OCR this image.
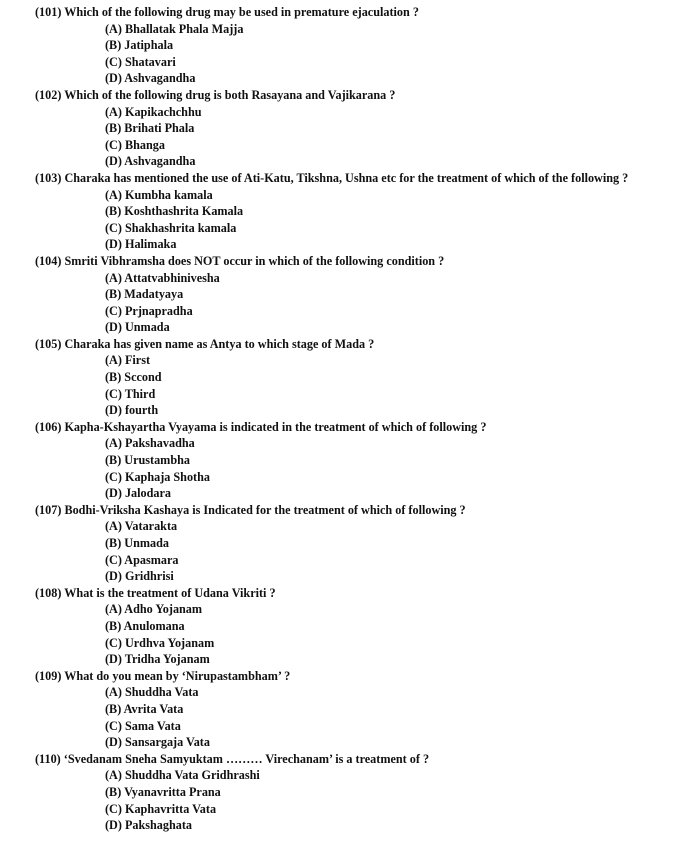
(101) Which of the following drug may be used in premature ejaculation ?
(A) Bhallatak Phala Majja
(B) Jatiphala
(C) Shatavari
(D) Ashvagandha
(102) Which of the following drug is both Rasayana and Vajikarana ?
(A) Kapikachchhu
(B) Brihati Phala
(C) Bhanga
(D) Ashvagandha
(103) Charaka has mentioned the use of Ati-Katu, Tikshna, Ushna etc for the treatment of which of the following ?
(A) Kumbha kamala
(B) Koshthashrita Kamala
(C) Shakhashrita kamala
(D) Halimaka
(104) Smriti Vibhramsha does NOT occur in which of the following condition ?
(A) Attatvabhinivesha
(B) Madatyaya
(C) Prjnapradha
(D) Unmada
(105) Charaka has given name as Antya to which stage of Mada ?
(A) First
(B) Sccond
(C) Third
(D) fourth
(106) Kapha-Kshayartha Vyayama is indicated in the treatment of which of following ?
(A) Pakshavadha
(B) Urustambha
(C) Kaphaja Shotha
(D) Jalodara
(107) Bodhi-Vriksha Kashaya is Indicated for the treatment of which of following ?
(A) Vatarakta
(B) Unmada
(C) Apasmara
(D) Gridhrisi
(108) What is the treatment of Udana Vikriti ?
(A) Adho Yojanam
(B) Anulomana
(C) Urdhva Yojanam
(D) Tridha Yojanam
(109) What do you mean by ‘Nirupastambham’ ?
(A) Shuddha Vata
(B) Avrita Vata
(C) Sama Vata
(D) Sansargaja Vata
(110) ‘Svedanam Sneha Samyuktam ……… Virechanam’ is a treatment of ?
(A) Shuddha Vata Gridhrashi
(B) Vyanavritta Prana
(C) Kaphavritta Vata
(D) Pakshaghata
